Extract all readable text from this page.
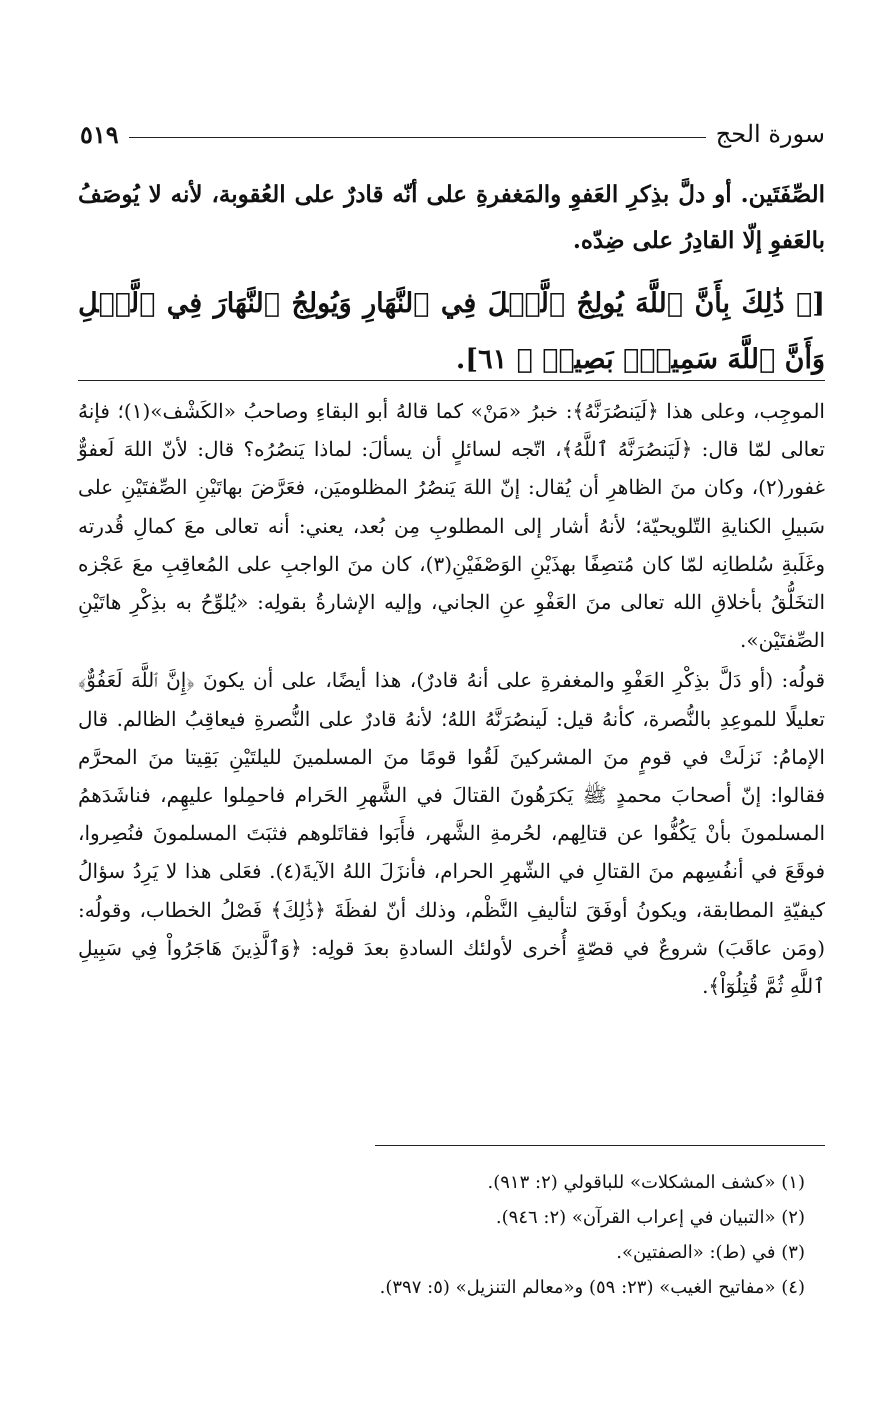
سورة الحج
٥١٩

الصِّفَتَين. أو دلَّ بذِكرِ العَفوِ والمَغفرةِ على أنّه قادرٌ على العُقوبة، لأنه لا يُوصَفُ بالعَفوِ إلّا القادِرُ على ضِدّه.

[﴿ ذَٰلِكَ بِأَنَّ ٱللَّهَ يُولِجُ ٱلَّيۡلَ فِي ٱلنَّهَارِ وَيُولِجُ ٱلنَّهَارَ فِي ٱلَّيۡلِ وَأَنَّ ٱللَّهَ سَمِيعُۢ بَصِيرٞ ﴾ ٦١].

الموجِب، وعلى هذا ﴿لَيَنصُرَنَّهُ﴾: خبرُ «مَنْ» كما قالهُ أبو البقاءِ وصاحبُ «الكَشْف»(١)؛ فإنهُ تعالى لمّا قال: ﴿لَيَنصُرَنَّهُ ٱللَّهُ﴾، اتّجه لسائلٍ أن يسألَ: لماذا يَنصُرُه؟ قال: لأنّ اللهَ لَعفوٌّ غفور(٢)، وكان منَ الظاهرِ أن يُقال: إنّ اللهَ يَنصُرُ المظلوميَن، فعَرَّضَ بهاتَيْنِ الصِّفتَيْنِ على سَبيلِ الكنايةِ التّلويحيّة؛ لأنهُ أشار إلى المطلوبِ مِن بُعد، يعني: أنه تعالى معَ كمالِ قُدرته وغَلَبةِ سُلطانِه لمّا كان مُتصِفًا بهذَيْنِ الوَصْفَيْنِ(٣)، كان منَ الواجبِ على المُعاقِبِ معَ عَجْزه التخَلُّقُ بأخلاقِ الله تعالى منَ العَفْوِ عنِ الجاني، وإليه الإشارةُ بقولِه: «يُلوِّحُ به بذِكْرِ هاتَيْنِ الصِّفتَيْن».

قولُه: (أو دَلَّ بذِكْرِ العَفْوِ والمغفرةِ على أنهُ قادرٌ)، هذا أيضًا، على أن يكونَ ﴿إِنَّ ٱللَّهَ لَعَفُوٌّ﴾ تعليلًا للموعِدِ بالنُّصرة، كأنهُ قيل: لَينصُرَنَّهُ اللهُ؛ لأنهُ قادرٌ على النُّصرةِ فيعاقِبُ الظالم. قال الإمامُ: نَزلَتْ في قومٍ منَ المشركينَ لَقُوا قومًا منَ المسلمينَ لليلتَيْنِ بَقِيتا منَ المحرَّم فقالوا: إنّ أصحابَ محمدٍ ﷺ يَكرَهُونَ القتالَ في الشَّهرِ الحَرام فاحمِلوا عليهِم، فناشَدَهمُ المسلمونَ بأنْ يَكُفُّوا عن قتالِهم، لحُرمةِ الشَّهر، فأَبَوا فقاتَلوهم فثبَتَ المسلمونَ فنُصِروا، فوقَعَ في أنفُسِهم منَ القتالِ في الشّهرِ الحرام، فأنزَلَ اللهُ الآيةَ(٤). فعَلى هذا لا يَرِدُ سؤالُ كيفيّةِ المطابقة، ويكونُ أوفَقَ لتأليفِ النَّظْم، وذلك أنّ لفظَةَ ﴿ذَٰلِكَ﴾ فَصْلُ الخطاب، وقولُه: (ومَن عاقَبَ) شروعٌ في قصّةٍ أُخرى لأولئك السادةِ بعدَ قولِه: ﴿وَٱلَّذِينَ هَاجَرُواْ فِي سَبِيلِ ٱللَّهِ ثُمَّ قُتِلُوٓاْ﴾.

(١) «كشف المشكلات» للباقولي (٢: ٩١٣).

(٢) «التبيان في إعراب القرآن» (٢: ٩٤٦).

(٣) في (ط): «الصفتين».

(٤) «مفاتيح الغيب» (٢٣: ٥٩) و«معالم التنزيل» (٥: ٣٩٧).
